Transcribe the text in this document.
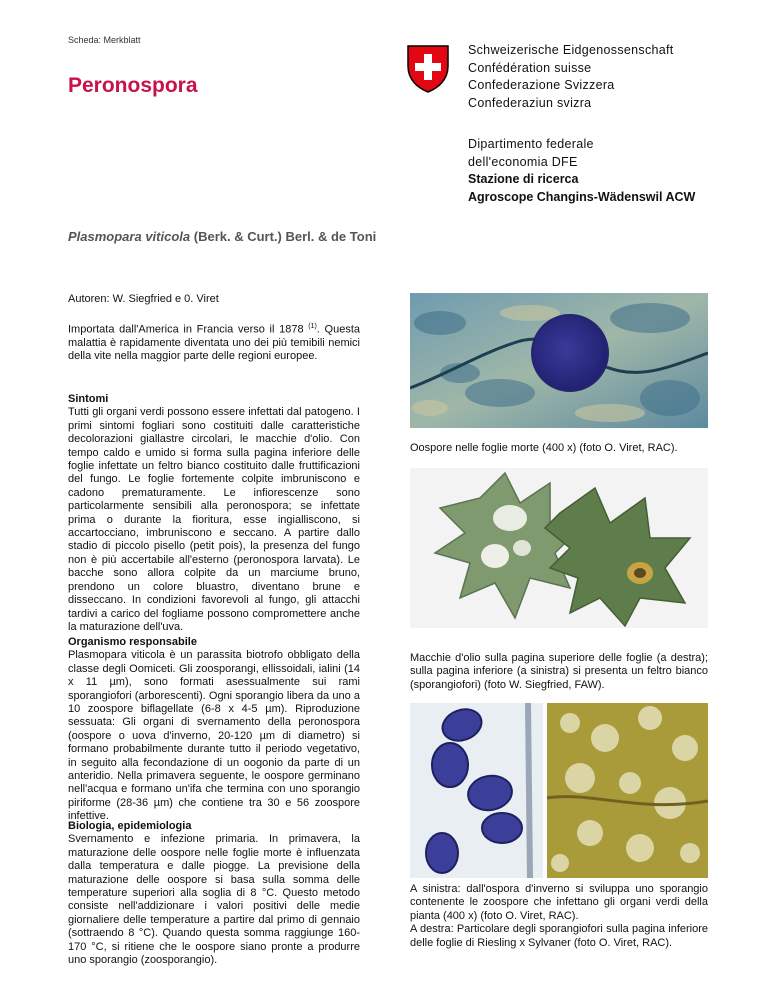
Scheda: Merkblatt
Peronospora
Schweizerische Eidgenossenschaft
Confédération suisse
Confederazione Svizzera
Confederaziun svizra
Dipartimento federale
dell'economia DFE
Stazione di ricerca
Agroscope Changins-Wädenswil ACW
Plasmopara viticola (Berk. & Curt.) Berl. & de Toni
Autoren: W. Siegfried e 0. Viret

Importata dall'America in Francia verso il 1878 $^{(1)}$. Questa malattia è rapidamente diventata uno dei più temibili nemici della vite nella maggior parte delle regioni europee.

Sintomi

Tutti gli organi verdi possono essere infettati dal patogeno. I primi sintomi fogliari sono costituiti dalle caratteristiche decolorazioni giallastre circolari, le macchie d'olio. Con tempo caldo e umido si forma sulla pagina inferiore delle foglie infettate un feltro bianco costituito dalle fruttificazioni del fungo. Le foglie fortemente colpite imbruniscono e cadono prematuramente. Le infiorescenze sono particolarmente sensibili alla peronospora; se infettate prima o durante la fioritura, esse ingialliscono, si accartocciano, imbruniscono e seccano. A partire dallo stadio di piccolo pisello (petit pois), la presenza del fungo non è più accertabile all'esterno (peronospora larvata). Le bacche sono allora colpite da un marciume bruno, prendono un colore bluastro, diventano brune e disseccano. In condizioni favorevoli al fungo, gli attacchi tardivi a carico del fogliame possono compromettere anche la maturazione dell'uva.

Organismo responsabile

Plasmopara viticola è un parassita biotrofo obbligato della classe degli Oomiceti. Gli zoosporangi, ellissoidali, ialini (14 x 11 µm), sono formati asessualmente sui rami sporangiofori (arborescenti). Ogni sporangio libera da uno a 10 zoospore biflagellate (6-8 x 4-5 µm). Riproduzione sessuata: Gli organi di svernamento della peronospora (oospore o uova d'inverno, 20-120 µm di diametro) si formano probabilmente durante tutto il periodo vegetativo, in seguito alla fecondazione di un oogonio da parte di un anteridio. Nella primavera seguente, le oospore germinano nell'acqua e formano un'ifa che termina con uno sporangio piriforme (28-36 µm) che contiene tra 30 e 56 zoospore infettive.

Biologia, epidemiologia

Svernamento e infezione primaria. In primavera, la maturazione delle oospore nelle foglie morte è influenzata dalla temperatura e dalle piogge. La previsione della maturazione delle oospore si basa sulla somma delle temperature superiori alla soglia di 8 °C. Questo metodo consiste nell'addizionare i valori positivi delle medie giornaliere delle temperature a partire dal primo di gennaio (sottraendo 8 °C). Quando questa somma raggiunge 160-170 °C, si ritiene che le oospore siano pronte a produrre uno sporangio (zoosporangio).

Oospore nelle foglie morte (400 x) (foto O. Viret, RAC).
Macchie d'olio sulla pagina superiore delle foglie (a destra); sulla pagina inferiore (a sinistra) si presenta un feltro bianco (sporangiofori) (foto W. Siegfried, FAW).
A sinistra: dall'ospora d'inverno si sviluppa uno sporangio contenente le zoospore che infettano gli organi verdi della pianta (400 x) (foto O. Viret, RAC).
A destra: Particolare degli sporangiofori sulla pagina inferiore delle foglie di Riesling x Sylvaner (foto O. Viret, RAC).
